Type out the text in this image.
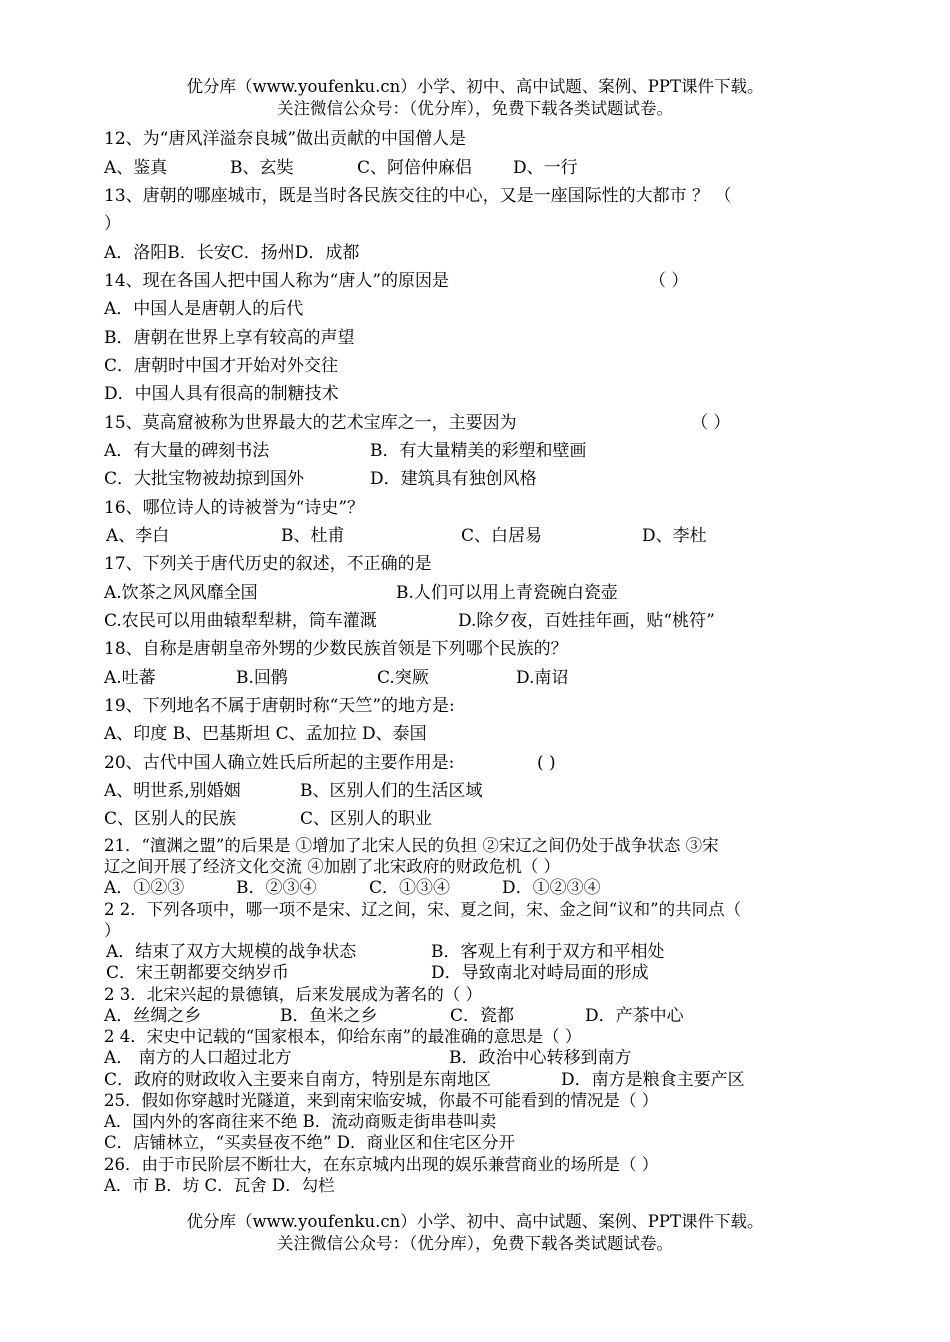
优分库（www.youfenku.cn）小学、初中、高中试题、案例、PPT课件下载。
关注微信公众号：（优分库），免费下载各类试题试卷。
12、为“唐风洋溢奈良城”做出贡献的中国僧人是
A、鉴真	B、玄奘	C、阿倍仲麻侣 D、一行
13、唐朝的哪座城市，既是当时各民族交往的中心，又是一座国际性的大都市 ？ （
）
A．洛阳B．长安C．扬州D．成都
14、现在各国人把中国人称为“唐人”的原因是	（ ）
A．中国人是唐朝人的后代
B．唐朝在世界上享有较高的声望
C．唐朝时中国才开始对外交往
D．中国人具有很高的制糖技术
15、莫高窟被称为世界最大的艺术宝库之一，主要因为	（ ）
A．有大量的碑刻书法	B．有大量精美的彩塑和壁画
C．大批宝物被劫掠到国外	D．建筑具有独创风格
16、哪位诗人的诗被誉为“诗史”？
A、李白	B、杜甫	C、白居易	D、李杜
17、下列关于唐代历史的叙述，不正确的是
A.饮茶之风风靡全国	B.人们可以用上青瓷碗白瓷壶
C.农民可以用曲辕犁犁耕，筒车灌溉	D.除夕夜，百姓挂年画，贴“桃符”
18、自称是唐朝皇帝外甥的少数民族首领是下列哪个民族的？
A.吐蕃	B.回鹘	C.突厥	D.南诏
19、下列地名不属于唐朝时称“天竺”的地方是:
A、印度 B、巴基斯坦 C、孟加拉 D、泰国
20、古代中国人确立姓氏后所起的主要作用是:	( )
A、明世系,别婚姻	B、区别人们的生活区域
C、区别人的民族	C、区别人的职业
21．“澶渊之盟”的后果是 ①增加了北宋人民的负担 ②宋辽之间仍处于战争状态 ③宋
辽之间开展了经济文化交流 ④加剧了北宋政府的财政危机（ ）
A．①②③	B．②③④	C．①③④	D．①②③④
2 2．下列各项中，哪一项不是宋、辽之间，宋、夏之间，宋、金之间“议和”的共同点（
）
A．结束了双方大规模的战争状态	B．客观上有利于双方和平相处
C．宋王朝都要交纳岁币	D．导致南北对峙局面的形成
2 3．北宋兴起的景德镇，后来发展成为著名的（ ）
A．丝绸之乡	B．鱼米之乡	C．瓷都	D．产茶中心
2 4．宋史中记载的“国家根本，仰给东南”的最准确的意思是（ ）
A． 南方的人口超过北方	B．政治中心转移到南方
C．政府的财政收入主要来自南方，特别是东南地区	D．南方是粮食主要产区
25．假如你穿越时光隧道，来到南宋临安城，你最不可能看到的情况是（ ）
A．国内外的客商往来不绝 B．流动商贩走街串巷叫卖
C．店铺林立，“买卖昼夜不绝” D．商业区和住宅区分开
26．由于市民阶层不断壮大，在东京城内出现的娱乐兼营商业的场所是（ ）
A．市 B．坊 C．瓦舍 D．勾栏
优分库（www.youfenku.cn）小学、初中、高中试题、案例、PPT课件下载。
关注微信公众号：（优分库），免费下载各类试题试卷。
